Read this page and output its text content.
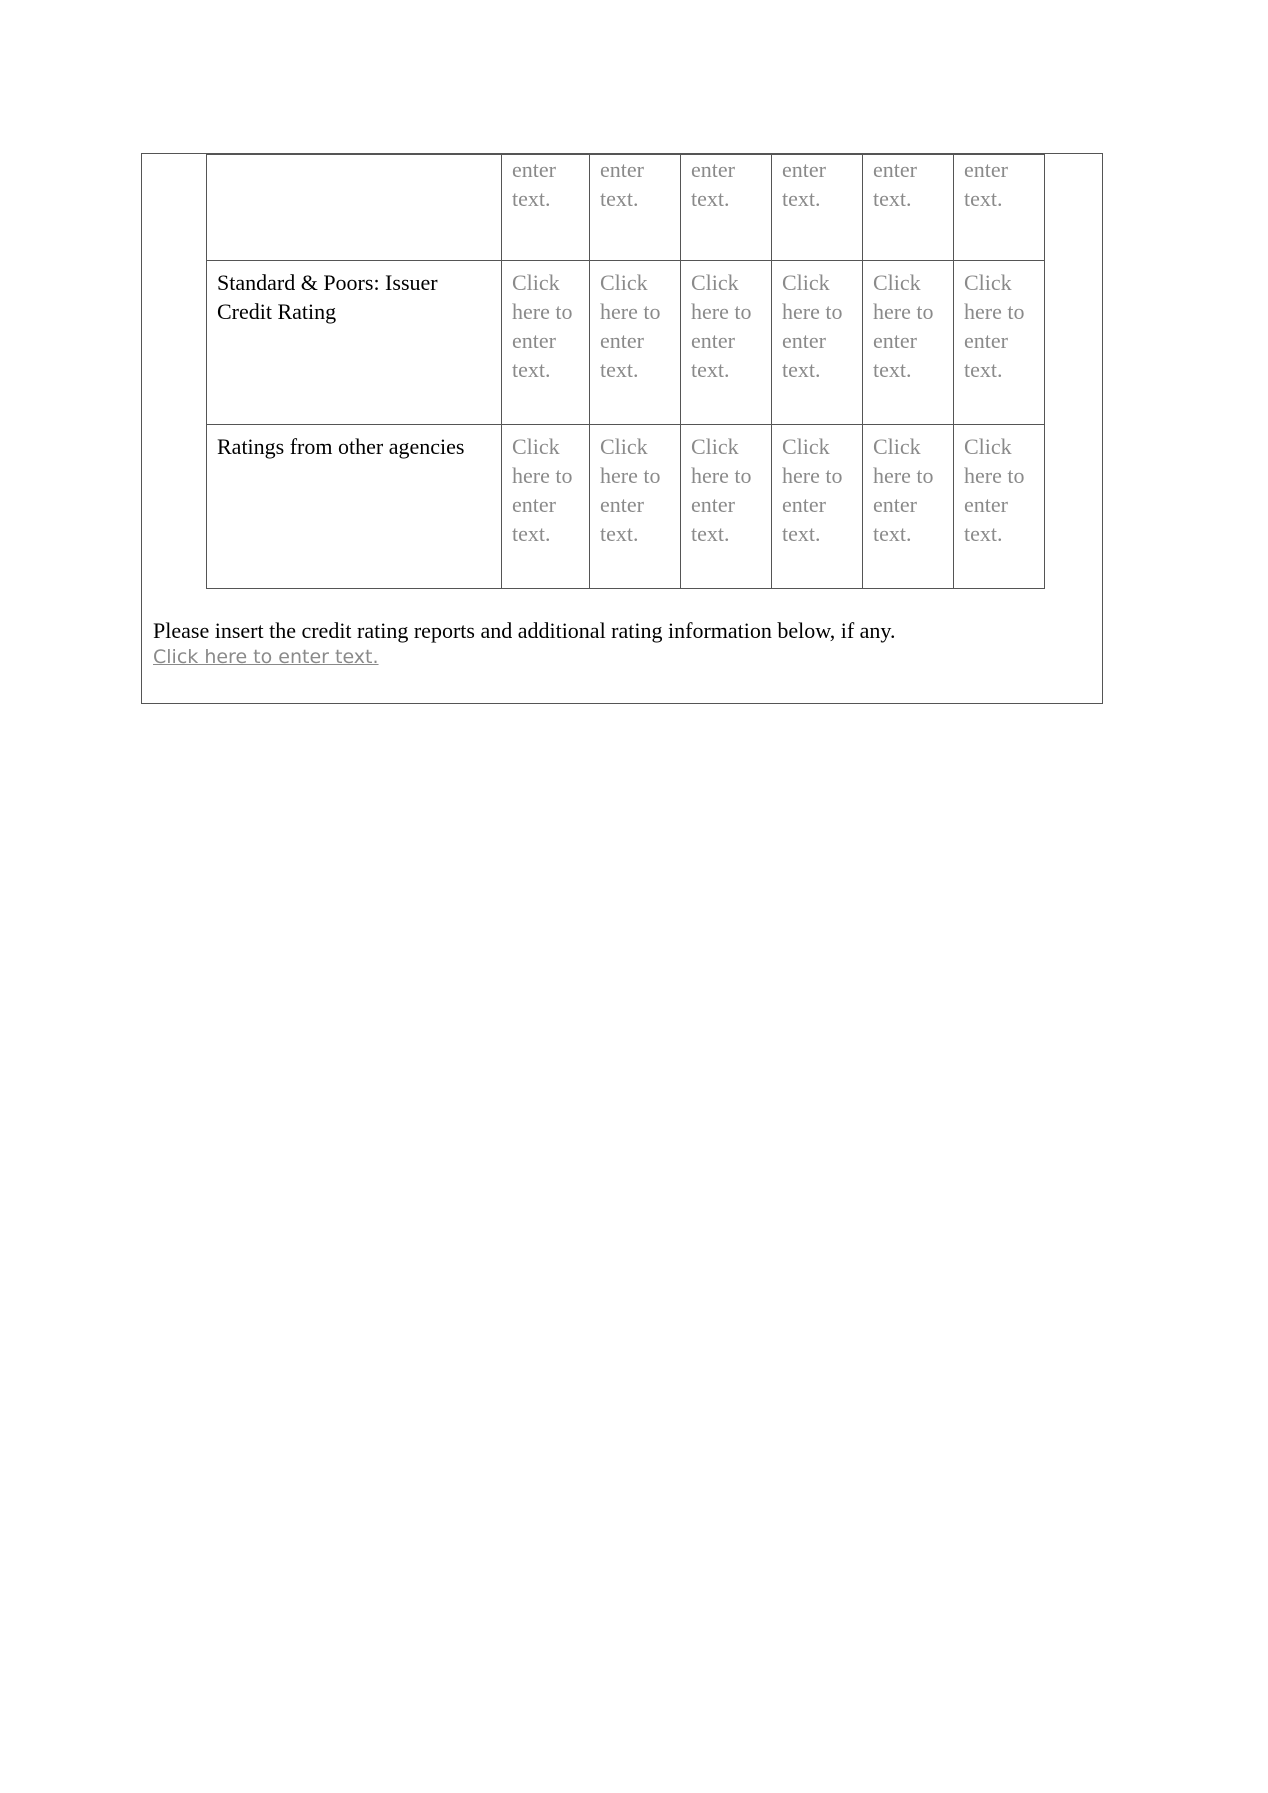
	enter text.	enter text.	enter text.	enter text.	enter text.	enter text.
Standard & Poors: Issuer Credit Rating	Click here to enter text.	Click here to enter text.	Click here to enter text.	Click here to enter text.	Click here to enter text.	Click here to enter text.
Ratings from other agencies	Click here to enter text.	Click here to enter text.	Click here to enter text.	Click here to enter text.	Click here to enter text.	Click here to enter text.
Please insert the credit rating reports and additional rating information below, if any.
Click here to enter text.
